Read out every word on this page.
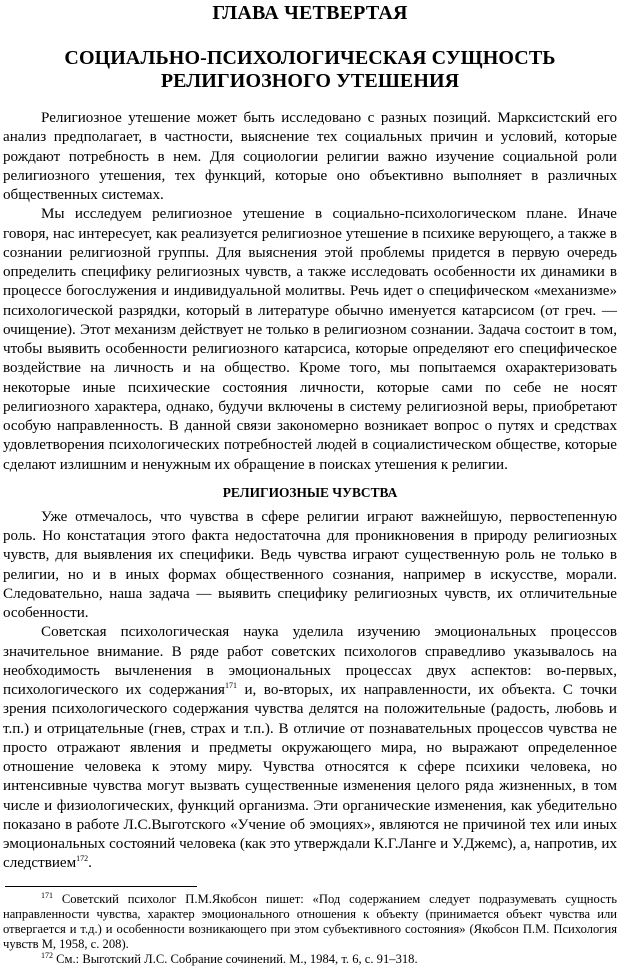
ГЛАВА ЧЕТВЕРТАЯ
СОЦИАЛЬНО-ПСИХОЛОГИЧЕСКАЯ СУЩНОСТЬ
РЕЛИГИОЗНОГО УТЕШЕНИЯ

Религиозное утешение может быть исследовано с разных позиций. Марксистский его анализ предполагает, в частности, выяснение тех социальных причин и условий, которые рождают потребность в нем. Для социологии религии важно изучение социальной роли религиозного утешения, тех функций, которые оно объективно выполняет в различных общественных системах.

Мы исследуем религиозное утешение в социально-психологическом плане. Иначе говоря, нас интересует, как реализуется религиозное утешение в психике верующего, а также в сознании религиозной группы. Для выяснения этой проблемы придется в первую очередь определить специфику религиозных чувств, а также исследовать особенности их динамики в процессе богослужения и индивидуальной молитвы. Речь идет о специфическом «механизме» психологической разрядки, который в литературе обычно именуется катарсисом (от греч. — очищение). Этот механизм действует не только в религиозном сознании. Задача состоит в том, чтобы выявить особенности религиозного катарсиса, которые определяют его специфическое воздействие на личность и на общество. Кроме того, мы попытаемся охарактеризовать некоторые иные психические состояния личности, которые сами по себе не носят религиозного характера, однако, будучи включены в систему религиозной веры, приобретают особую направленность. В данной связи закономерно возникает вопрос о путях и средствах удовлетворения психологических потребностей людей в социалистическом обществе, которые сделают излишним и ненужным их обращение в поисках утешения к религии.

РЕЛИГИОЗНЫЕ ЧУВСТВА

Уже отмечалось, что чувства в сфере религии играют важнейшую, первостепенную роль. Но констатация этого факта недостаточна для проникновения в природу религиозных чувств, для выявления их специфики. Ведь чувства играют существенную роль не только в религии, но и в иных формах общественного сознания, например в искусстве, морали. Следовательно, наша задача — выявить специфику религиозных чувств, их отличительные особенности.

Советская психологическая наука уделила изучению эмоциональных процессов значительное внимание. В ряде работ советских психологов справедливо указывалось на необходимость вычленения в эмоциональных процессах двух аспектов: во-первых, психологического их содержания$^{171}$ и, во-вторых, их направленности, их объекта. С точки зрения психологического содержания чувства делятся на положительные (радость, любовь и т.п.) и отрицательные (гнев, страх и т.п.). В отличие от познавательных процессов чувства не просто отражают явления и предметы окружающего мира, но выражают определенное отношение человека к этому миру. Чувства относятся к сфере психики человека, но интенсивные чувства могут вызвать существенные изменения целого ряда жизненных, в том числе и физиологических, функций организма. Эти органические изменения, как убедительно показано в работе Л.С.Выготского «Учение об эмоциях», являются не причиной тех или иных эмоциональных состояний человека (как это утверждали К.Г.Ланге и У.Джемс), а, напротив, их следствием$^{172}$.

$^{171}$ Советский психолог П.М.Якобсон пишет: «Под содержанием следует подразумевать сущность направленности чувства, характер эмоционального отношения к объекту (принимается объект чувства или отвергается и т.д.) и особенности возникающего при этом субъективного состояния» (Якобсон П.М. Психология чувств М, 1958, с. 208).

$^{172}$ См.: Выготский Л.С. Собрание сочинений. М., 1984, т. 6, с. 91–318.
